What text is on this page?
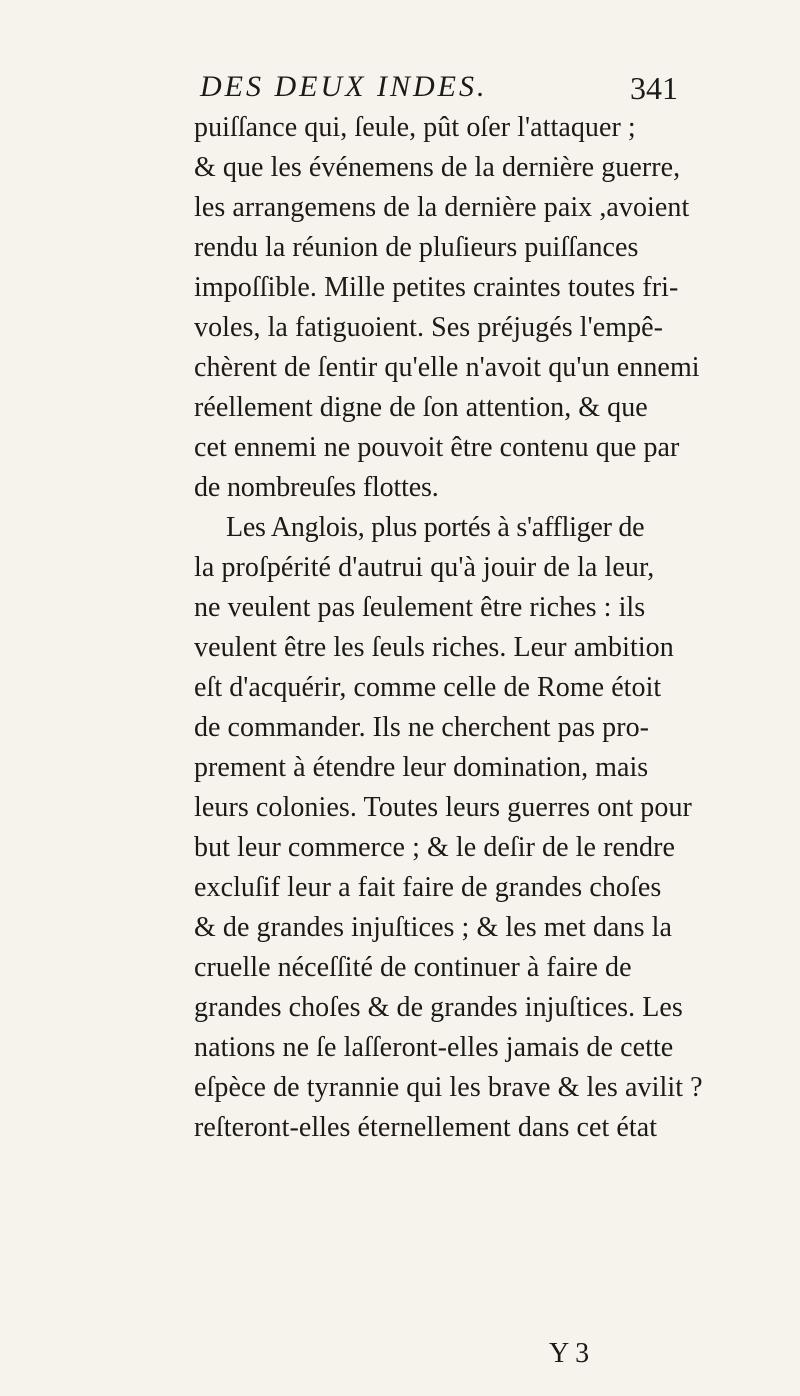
DES DEUX INDES.	341
puiſſance qui, ſeule, pût oſer l'attaquer ;
& que les événemens de la dernière guerre,
les arrangemens de la dernière paix ,avoient
rendu la réunion de pluſieurs puiſſances
impoſſible. Mille petites craintes toutes fri-
voles, la fatiguoient. Ses préjugés l'empê-
chèrent de ſentir qu'elle n'avoit qu'un ennemi
réellement digne de ſon attention, & que
cet ennemi ne pouvoit être contenu que par
de nombreuſes flottes.
Les Anglois, plus portés à s'affliger de
la proſpérité d'autrui qu'à jouir de la leur,
ne veulent pas ſeulement être riches : ils
veulent être les ſeuls riches. Leur ambition
eſt d'acquérir, comme celle de Rome étoit
de commander. Ils ne cherchent pas pro-
prement à étendre leur domination, mais
leurs colonies. Toutes leurs guerres ont pour
but leur commerce ; & le deſir de le rendre
excluſif leur a fait faire de grandes choſes
& de grandes injuſtices ; & les met dans la
cruelle néceſſité de continuer à faire de
grandes choſes & de grandes injuſtices. Les
nations ne ſe laſſeront-elles jamais de cette
eſpèce de tyrannie qui les brave & les avilit ?
reſteront-elles éternellement dans cet état
Y 3
